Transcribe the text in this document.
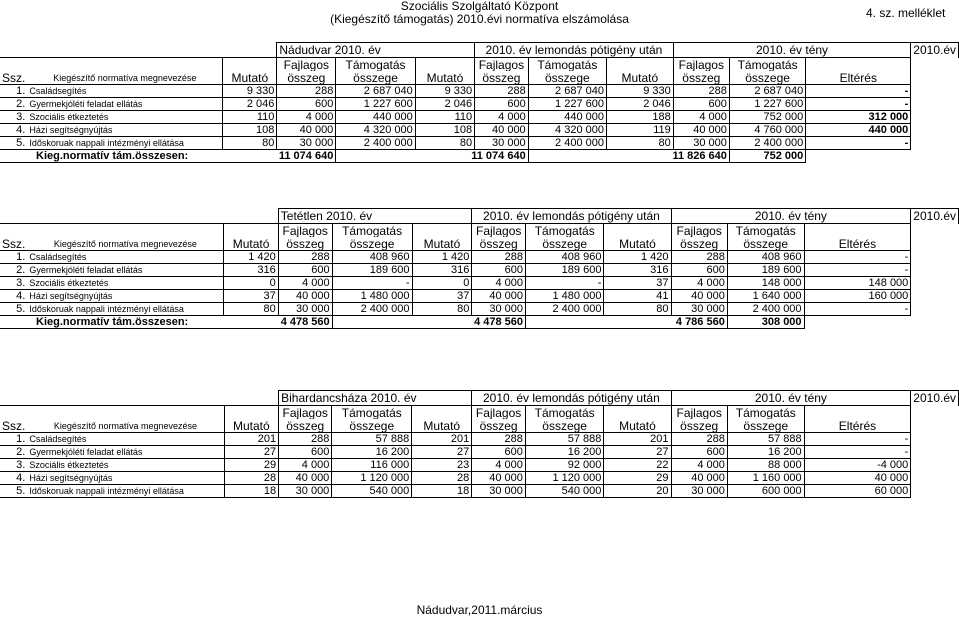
Szociális Szolgáltató Központ
(Kiegészítő támogatás) 2010.évi normatíva elszámolása	4. sz. melléklet
			Nádudvar 2010. év			2010. év lemondás pótigény után			2010. év tény			2010.év
			Fajlagos	Támogatás		Fajlagos	Támogatás		Fajlagos	Támogatás		
Ssz.	Kiegészítő normatíva megnevezése	Mutató	összeg	összege	Mutató	összeg	összege	Mutató	összeg	összege	Eltérés	
1.	Családsegítés	9 330	288	2 687 040	9 330	288	2 687 040	9 330	288	2 687 040	-	
2.	Gyermekjóléti feladat ellátás	2 046	600	1 227 600	2 046	600	1 227 600	2 046	600	1 227 600	-	
3.	Szociális étkeztetés	110	4 000	440 000	110	4 000	440 000	188	4 000	752 000	312 000	
4.	Házi segítségnyújtás	108	40 000	4 320 000	108	40 000	4 320 000	119	40 000	4 760 000	440 000	
5.	Időskoruak nappali intézményi ellátása	80	30 000	2 400 000	80	30 000	2 400 000	80	30 000	2 400 000	-	
Kieg.normatív tám.összesen:			11 074 640		11 074 640			11 826 640		752 000		
			Tetétlen 2010. év			2010. év lemondás pótigény után			2010. év tény			2010.év
			Fajlagos	Támogatás		Fajlagos	Támogatás		Fajlagos	Támogatás		
Ssz.	Kiegészítő normatíva megnevezése	Mutató	összeg	összege	Mutató	összeg	összege	Mutató	összeg	összege	Eltérés	
1.	Családsegítés	1 420	288	408 960	1 420	288	408 960	1 420	288	408 960	-	
2.	Gyermekjóléti feladat ellátás	316	600	189 600	316	600	189 600	316	600	189 600	-	
3.	Szociális étkeztetés	0	4 000	-	0	4 000	-	37	4 000	148 000	148 000	
4.	Házi segítségnyújtás	37	40 000	1 480 000	37	40 000	1 480 000	41	40 000	1 640 000	160 000	
5.	Időskoruak nappali intézményi ellátása	80	30 000	2 400 000	80	30 000	2 400 000	80	30 000	2 400 000	-	
Kieg.normatív tám.összesen:			4 478 560		4 478 560			4 786 560		308 000		
			Bihardancsháza 2010. év			2010. év lemondás pótigény után			2010. év tény			2010.év
			Fajlagos	Támogatás		Fajlagos	Támogatás		Fajlagos	Támogatás		
Ssz.	Kiegészítő normatíva megnevezése	Mutató	összeg	összege	Mutató	összeg	összege	Mutató	összeg	összege	Eltérés	
1.	Családsegítés	201	288	57 888	201	288	57 888	201	288	57 888	-	
2.	Gyermekjóléti feladat ellátás	27	600	16 200	27	600	16 200	27	600	16 200	-	
3.	Szociális étkeztetés	29	4 000	116 000	23	4 000	92 000	22	4 000	88 000	-4 000	
4.	Házi segítségnyújtás	28	40 000	1 120 000	28	40 000	1 120 000	29	40 000	1 160 000	40 000	
5.	Időskoruak nappali intézményi ellátása	18	30 000	540 000	18	30 000	540 000	20	30 000	600 000	60 000	
Nádudvar,2011.március
